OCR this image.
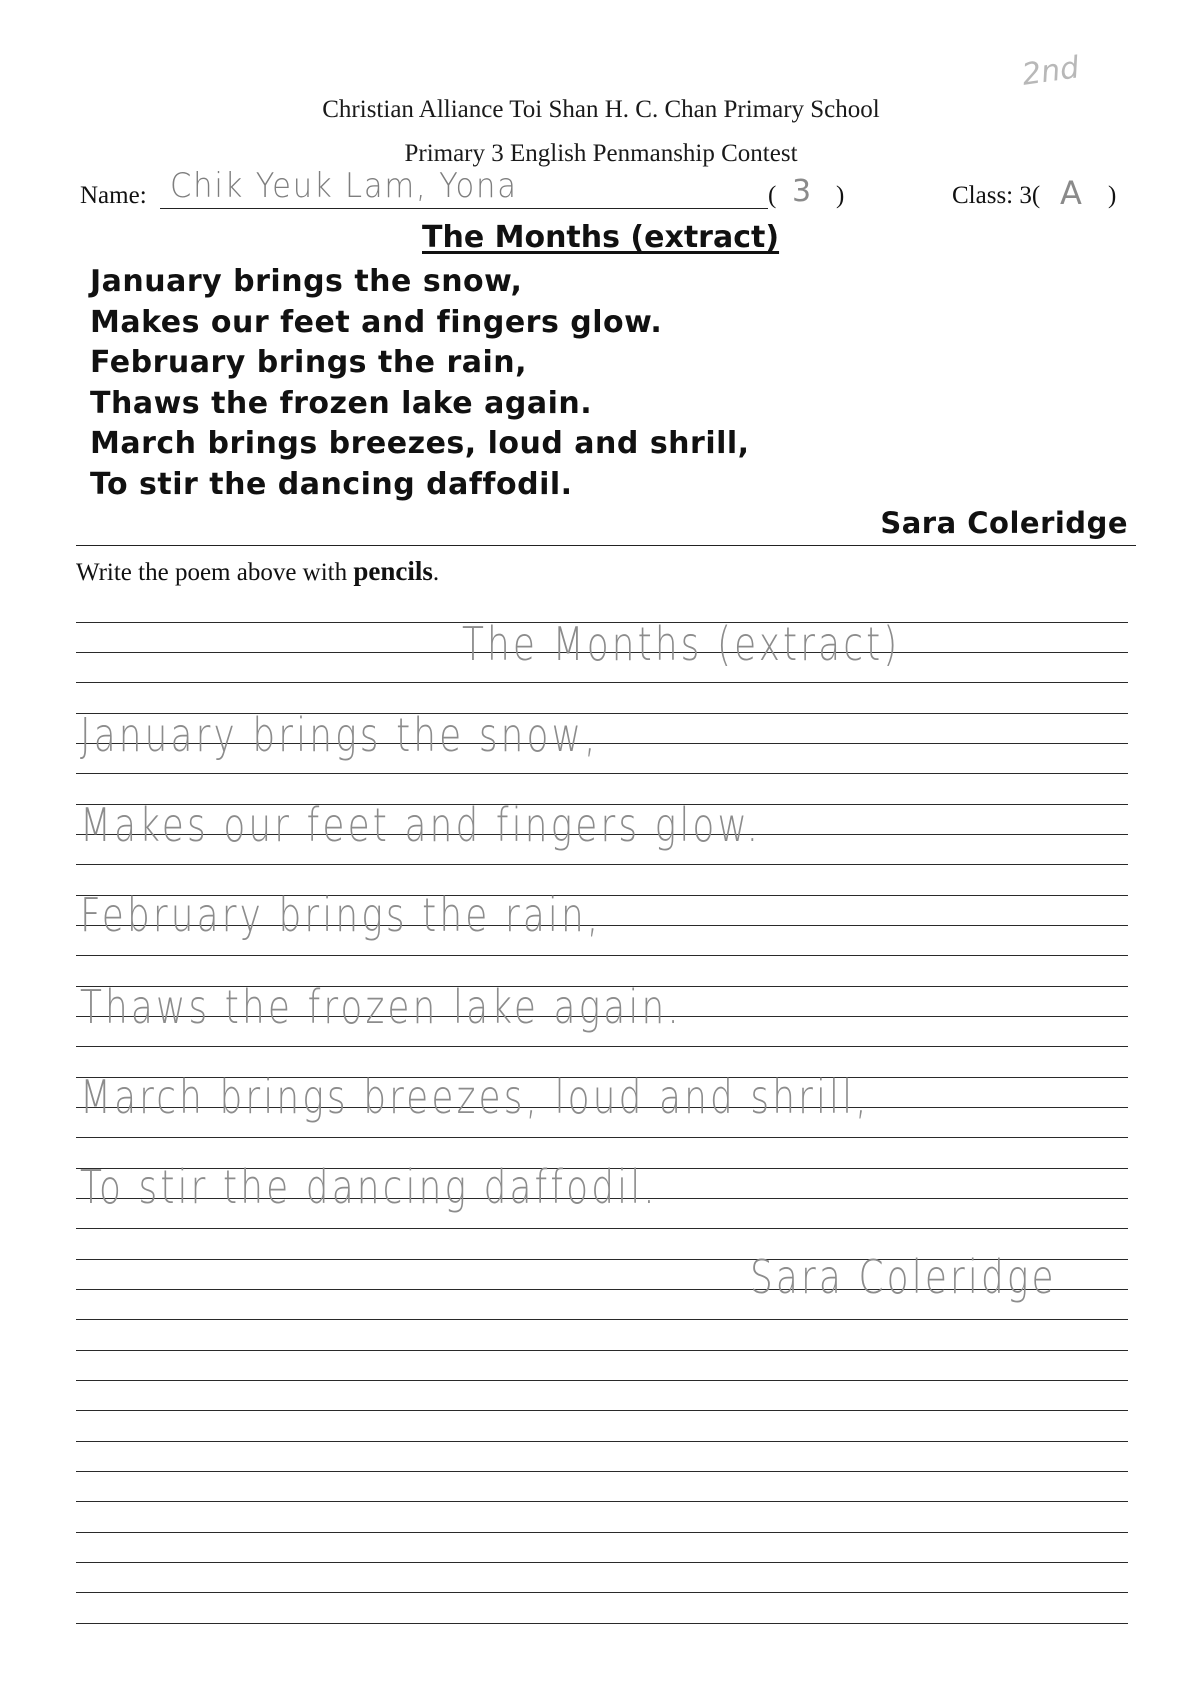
2nd
Christian Alliance Toi Shan H. C. Chan Primary School
Primary 3 English Penmanship Contest
Name: Chik Yeuk Lam, Yona	( 3 )	Class: 3( A )
The Months (extract)
January brings the snow,
Makes our feet and fingers glow.
February brings the rain,
Thaws the frozen lake again.
March brings breezes, loud and shrill,
To stir the dancing daffodil.
Sara Coleridge
Write the poem above with pencils.
The Months (extract)
January brings the snow,
Makes our feet and fingers glow.
February brings the rain,
Thaws the frozen lake again.
March brings breezes, loud and shrill,
To stir the dancing daffodil.
Sara Coleridge
